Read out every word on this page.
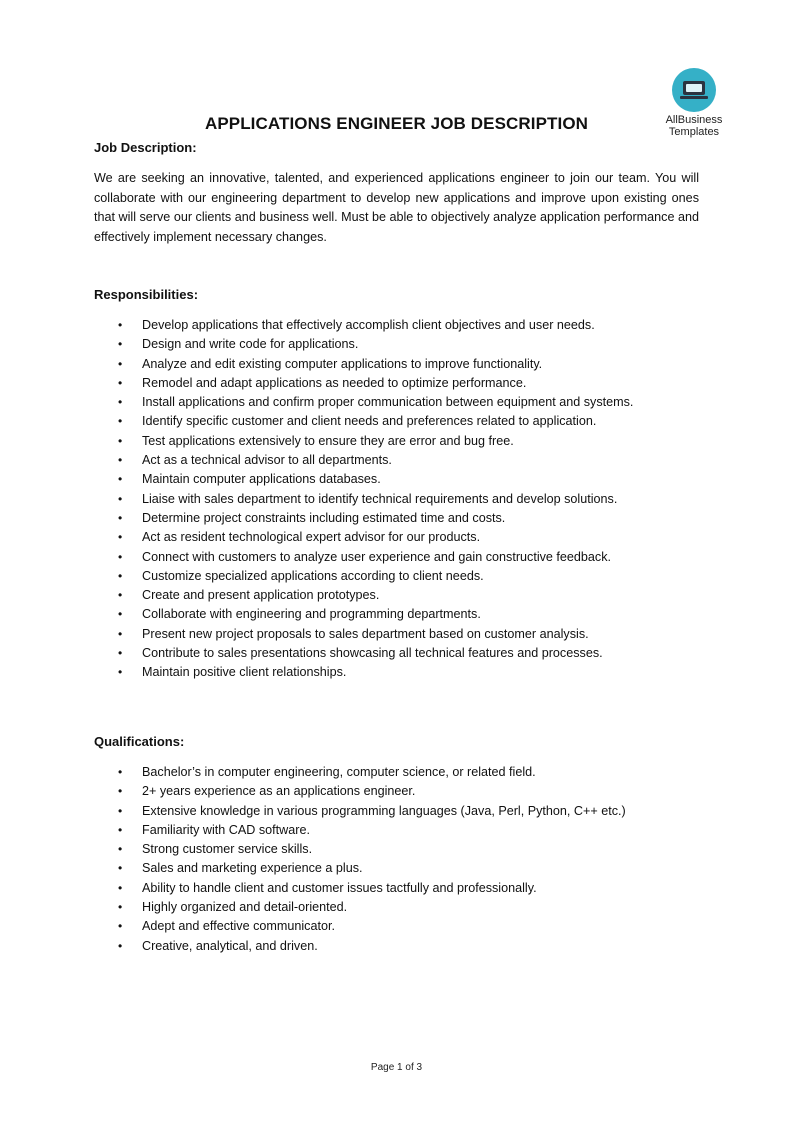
AllBusiness
Templates
APPLICATIONS ENGINEER JOB DESCRIPTION
Job Description:

We are seeking an innovative, talented, and experienced applications engineer to join our team. You will collaborate with our engineering department to develop new applications and improve upon existing ones that will serve our clients and business well. Must be able to objectively analyze application performance and effectively implement necessary changes.

Responsibilities:
• Develop applications that effectively accomplish client objectives and user needs.
• Design and write code for applications.
• Analyze and edit existing computer applications to improve functionality.
• Remodel and adapt applications as needed to optimize performance.
• Install applications and confirm proper communication between equipment and systems.
• Identify specific customer and client needs and preferences related to application.
• Test applications extensively to ensure they are error and bug free.
• Act as a technical advisor to all departments.
• Maintain computer applications databases.
• Liaise with sales department to identify technical requirements and develop solutions.
• Determine project constraints including estimated time and costs.
• Act as resident technological expert advisor for our products.
• Connect with customers to analyze user experience and gain constructive feedback.
• Customize specialized applications according to client needs.
• Create and present application prototypes.
• Collaborate with engineering and programming departments.
• Present new project proposals to sales department based on customer analysis.
• Contribute to sales presentations showcasing all technical features and processes.
• Maintain positive client relationships.
Qualifications:
• Bachelor’s in computer engineering, computer science, or related field.
• 2+ years experience as an applications engineer.
• Extensive knowledge in various programming languages (Java, Perl, Python, C++ etc.)
• Familiarity with CAD software.
• Strong customer service skills.
• Sales and marketing experience a plus.
• Ability to handle client and customer issues tactfully and professionally.
• Highly organized and detail-oriented.
• Adept and effective communicator.
• Creative, analytical, and driven.
Page 1 of 3
